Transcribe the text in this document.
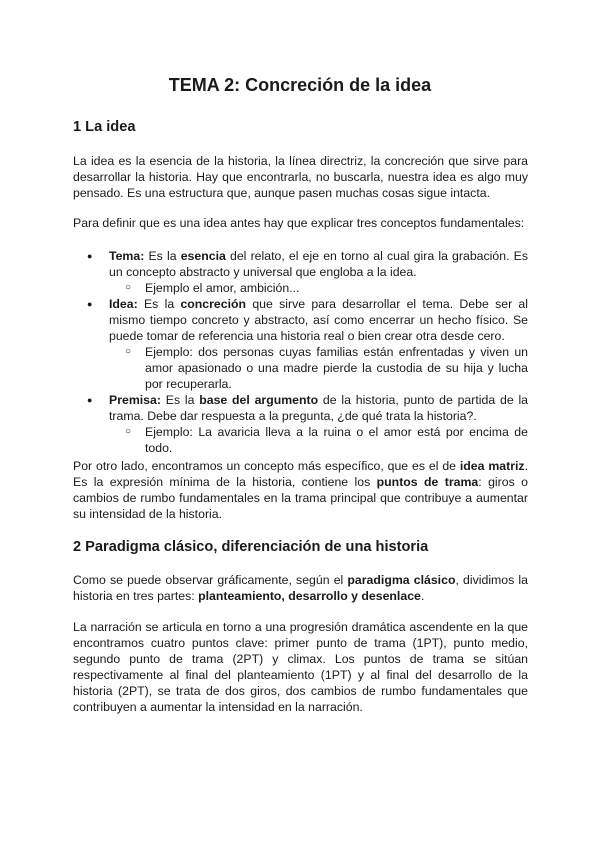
TEMA 2: Concreción de la idea
1 La idea

La idea es la esencia de la historia, la línea directriz, la concreción que sirve para desarrollar la historia. Hay que encontrarla, no buscarla, nuestra idea es algo muy pensado. Es una estructura que, aunque pasen muchas cosas sigue intacta.

Para definir que es una idea antes hay que explicar tres conceptos fundamentales:

● Tema: Es la esencia del relato, el eje en torno al cual gira la grabación. Es un concepto abstracto y universal que engloba a la idea.
○ Ejemplo el amor, ambición...
● Idea: Es la concreción que sirve para desarrollar el tema. Debe ser al mismo tiempo concreto y abstracto, así como encerrar un hecho físico. Se puede tomar de referencia una historia real o bien crear otra desde cero.
○ Ejemplo: dos personas cuyas familias están enfrentadas y viven un amor apasionado o una madre pierde la custodia de su hija y lucha por recuperarla.
● Premisa: Es la base del argumento de la historia, punto de partida de la trama. Debe dar respuesta a la pregunta, ¿de qué trata la historia?.
○ Ejemplo: La avaricia lleva a la ruina o el amor está por encima de todo.

Por otro lado, encontramos un concepto más específico, que es el de idea matriz. Es la expresión mínima de la historia, contiene los puntos de trama: giros o cambios de rumbo fundamentales en la trama principal que contribuye a aumentar su intensidad de la historia.

2 Paradigma clásico, diferenciación de una historia

Como se puede observar gráficamente, según el paradigma clásico, dividimos la historia en tres partes: planteamiento, desarrollo y desenlace.

La narración se articula en torno a una progresión dramática ascendente en la que encontramos cuatro puntos clave: primer punto de trama (1PT), punto medio, segundo punto de trama (2PT) y climax. Los puntos de trama se sitúan respectivamente al final del planteamiento (1PT) y al final del desarrollo de la historia (2PT), se trata de dos giros, dos cambios de rumbo fundamentales que contribuyen a aumentar la intensidad en la narración.
